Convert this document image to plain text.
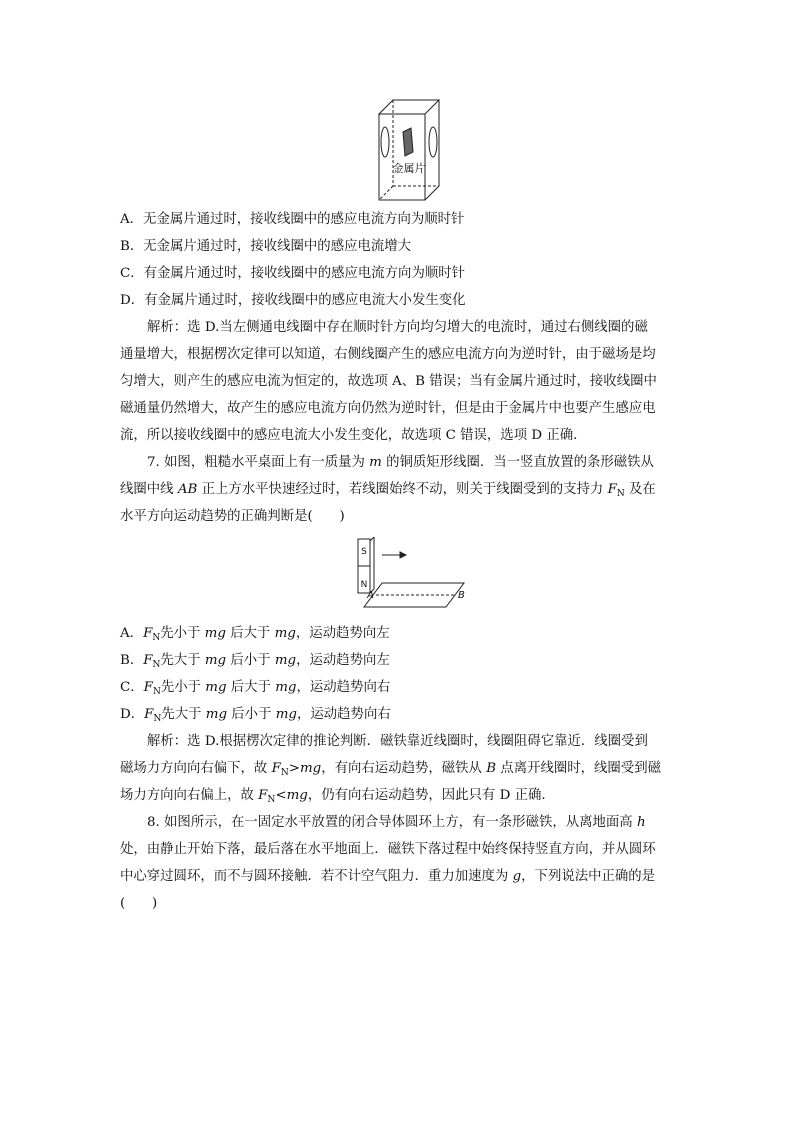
金属片
A．无金属片通过时，接收线圈中的感应电流方向为顺时针
B．无金属片通过时，接收线圈中的感应电流增大
C．有金属片通过时，接收线圈中的感应电流方向为顺时针
D．有金属片通过时，接收线圈中的感应电流大小发生变化
解析：选 D.当左侧通电线圈中存在顺时针方向均匀增大的电流时，通过右侧线圈的磁
通量增大，根据楞次定律可以知道，右侧线圈产生的感应电流方向为逆时针，由于磁场是均
匀增大，则产生的感应电流为恒定的，故选项 A、B 错误；当有金属片通过时，接收线圈中
磁通量仍然增大，故产生的感应电流方向仍然为逆时针，但是由于金属片中也要产生感应电
流，所以接收线圈中的感应电流大小发生变化，故选项 C 错误，选项 D 正确.
7. 如图，粗糙水平桌面上有一质量为 m 的铜质矩形线圈．当一竖直放置的条形磁铁从
线圈中线 AB 正上方水平快速经过时，若线圈始终不动，则关于线圈受到的支持力 $F_N$ 及在
水平方向运动趋势的正确判断是(　　)
S
N
A	B
A．$F_N$先小于 mg 后大于 mg，运动趋势向左
B．$F_N$先大于 mg 后小于 mg，运动趋势向左
C．$F_N$先小于 mg 后大于 mg，运动趋势向右
D．$F_N$先大于 mg 后小于 mg，运动趋势向右
解析：选 D.根据楞次定律的推论判断．磁铁靠近线圈时，线圈阻碍它靠近．线圈受到
磁场力方向向右偏下，故 $F_N>mg$，有向右运动趋势，磁铁从 B 点离开线圈时，线圈受到磁
场力方向向右偏上，故 $F_N<mg$，仍有向右运动趋势，因此只有 D 正确.
8. 如图所示，在一固定水平放置的闭合导体圆环上方，有一条形磁铁，从离地面高 h
处，由静止开始下落，最后落在水平地面上．磁铁下落过程中始终保持竖直方向，并从圆环
中心穿过圆环，而不与圆环接触．若不计空气阻力．重力加速度为 g，下列说法中正确的是
(　　)
